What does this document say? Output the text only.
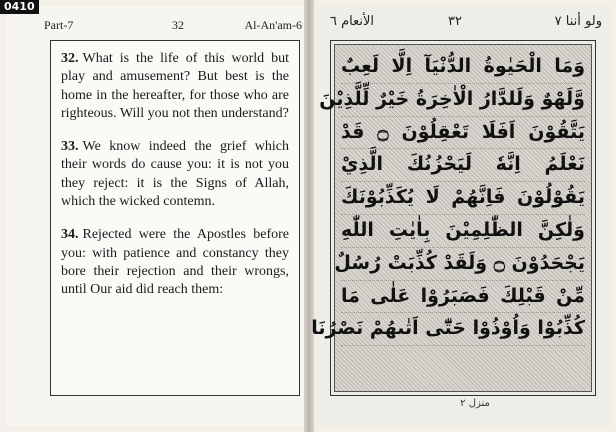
0410
Part-7	32	Al-An'am-6

32. What is the life of this world but play and amusement? But best is the home in the hereafter, for those who are righteous. Will you not then understand?

33. We know indeed the grief which their words do cause you: it is not you they reject: it is the Signs of Allah, which the wicked contemn.

34. Rejected were the Apostles before you: with patience and constancy they bore their rejection and their wrongs, until Our aid did reach them:

الأنعام ٦	٣٢	ولو أننا ٧
وَمَا الْحَيٰوةُ الدُّنْيَآ اِلَّا لَعِبٌ
وَّلَهْوٌ وَلَلدَّارُ الْاٰخِرَةُ خَيْرٌ لِّلَّذِيْنَ
يَتَّقُوْنَ اَفَلَا تَعْقِلُوْنَ ۝ قَدْ
نَعْلَمُ اِنَّهٗ لَيَحْزُنُكَ الَّذِيْ
يَقُوْلُوْنَ فَاِنَّهُمْ لَا يُكَذِّبُوْنَكَ
وَلٰكِنَّ الظّٰلِمِيْنَ بِاٰيٰتِ اللّٰهِ
يَجْحَدُوْنَ ۝ وَلَقَدْ كُذِّبَتْ رُسُلٌ
مِّنْ قَبْلِكَ فَصَبَرُوْا عَلٰى مَا
كُذِّبُوْا وَاُوْذُوْا حَتّٰٓى اَتٰىهُمْ نَصْرُنَا
منزل ٢
